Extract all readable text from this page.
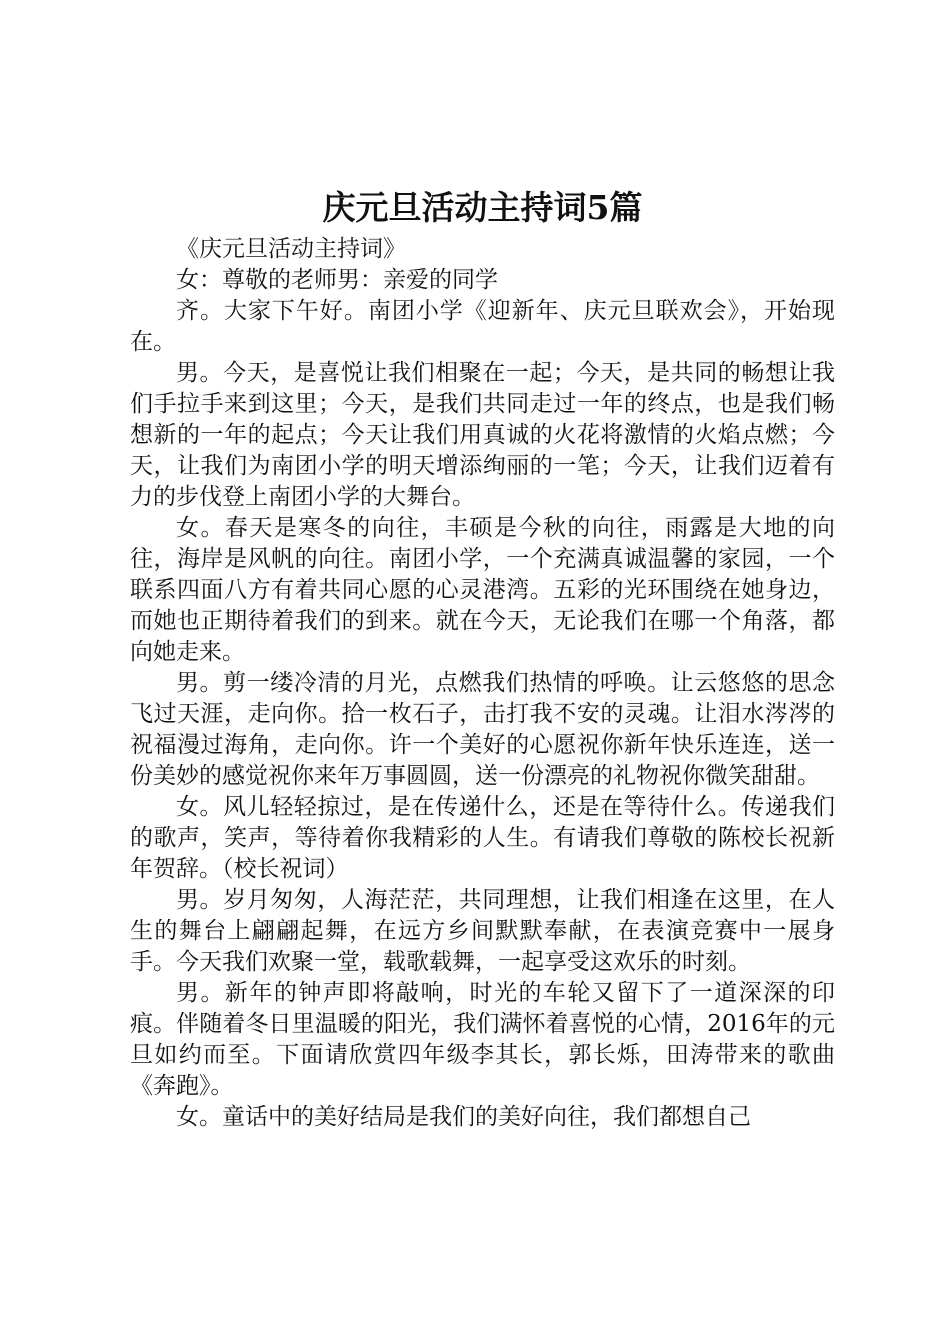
庆元旦活动主持词5篇

《庆元旦活动主持词》

女：尊敬的老师男：亲爱的同学

齐。大家下午好。南团小学《迎新年、庆元旦联欢会》，开始现在。

男。今天，是喜悦让我们相聚在一起；今天，是共同的畅想让我们手拉手来到这里；今天，是我们共同走过一年的终点，也是我们畅想新的一年的起点；今天让我们用真诚的火花将激情的火焰点燃；今天，让我们为南团小学的明天增添绚丽的一笔；今天，让我们迈着有力的步伐登上南团小学的大舞台。

女。春天是寒冬的向往，丰硕是今秋的向往，雨露是大地的向往，海岸是风帆的向往。南团小学，一个充满真诚温馨的家园，一个联系四面八方有着共同心愿的心灵港湾。五彩的光环围绕在她身边，而她也正期待着我们的到来。就在今天，无论我们在哪一个角落，都向她走来。

男。剪一缕冷清的月光，点燃我们热情的呼唤。让云悠悠的思念飞过天涯，走向你。拾一枚石子，击打我不安的灵魂。让泪水涔涔的祝福漫过海角，走向你。许一个美好的心愿祝你新年快乐连连，送一份美妙的感觉祝你来年万事圆圆，送一份漂亮的礼物祝你微笑甜甜。

女。风儿轻轻掠过，是在传递什么，还是在等待什么。传递我们的歌声，笑声，等待着你我精彩的人生。有请我们尊敬的陈校长祝新年贺辞。（校长祝词）

男。岁月匆匆，人海茫茫，共同理想，让我们相逢在这里，在人生的舞台上翩翩起舞，在远方乡间默默奉献，在表演竞赛中一展身手。今天我们欢聚一堂，载歌载舞，一起享受这欢乐的时刻。

男。新年的钟声即将敲响，时光的车轮又留下了一道深深的印痕。伴随着冬日里温暖的阳光，我们满怀着喜悦的心情，2016年的元旦如约而至。下面请欣赏四年级李其长，郭长烁，田涛带来的歌曲《奔跑》。

女。童话中的美好结局是我们的美好向往，我们都想自己
